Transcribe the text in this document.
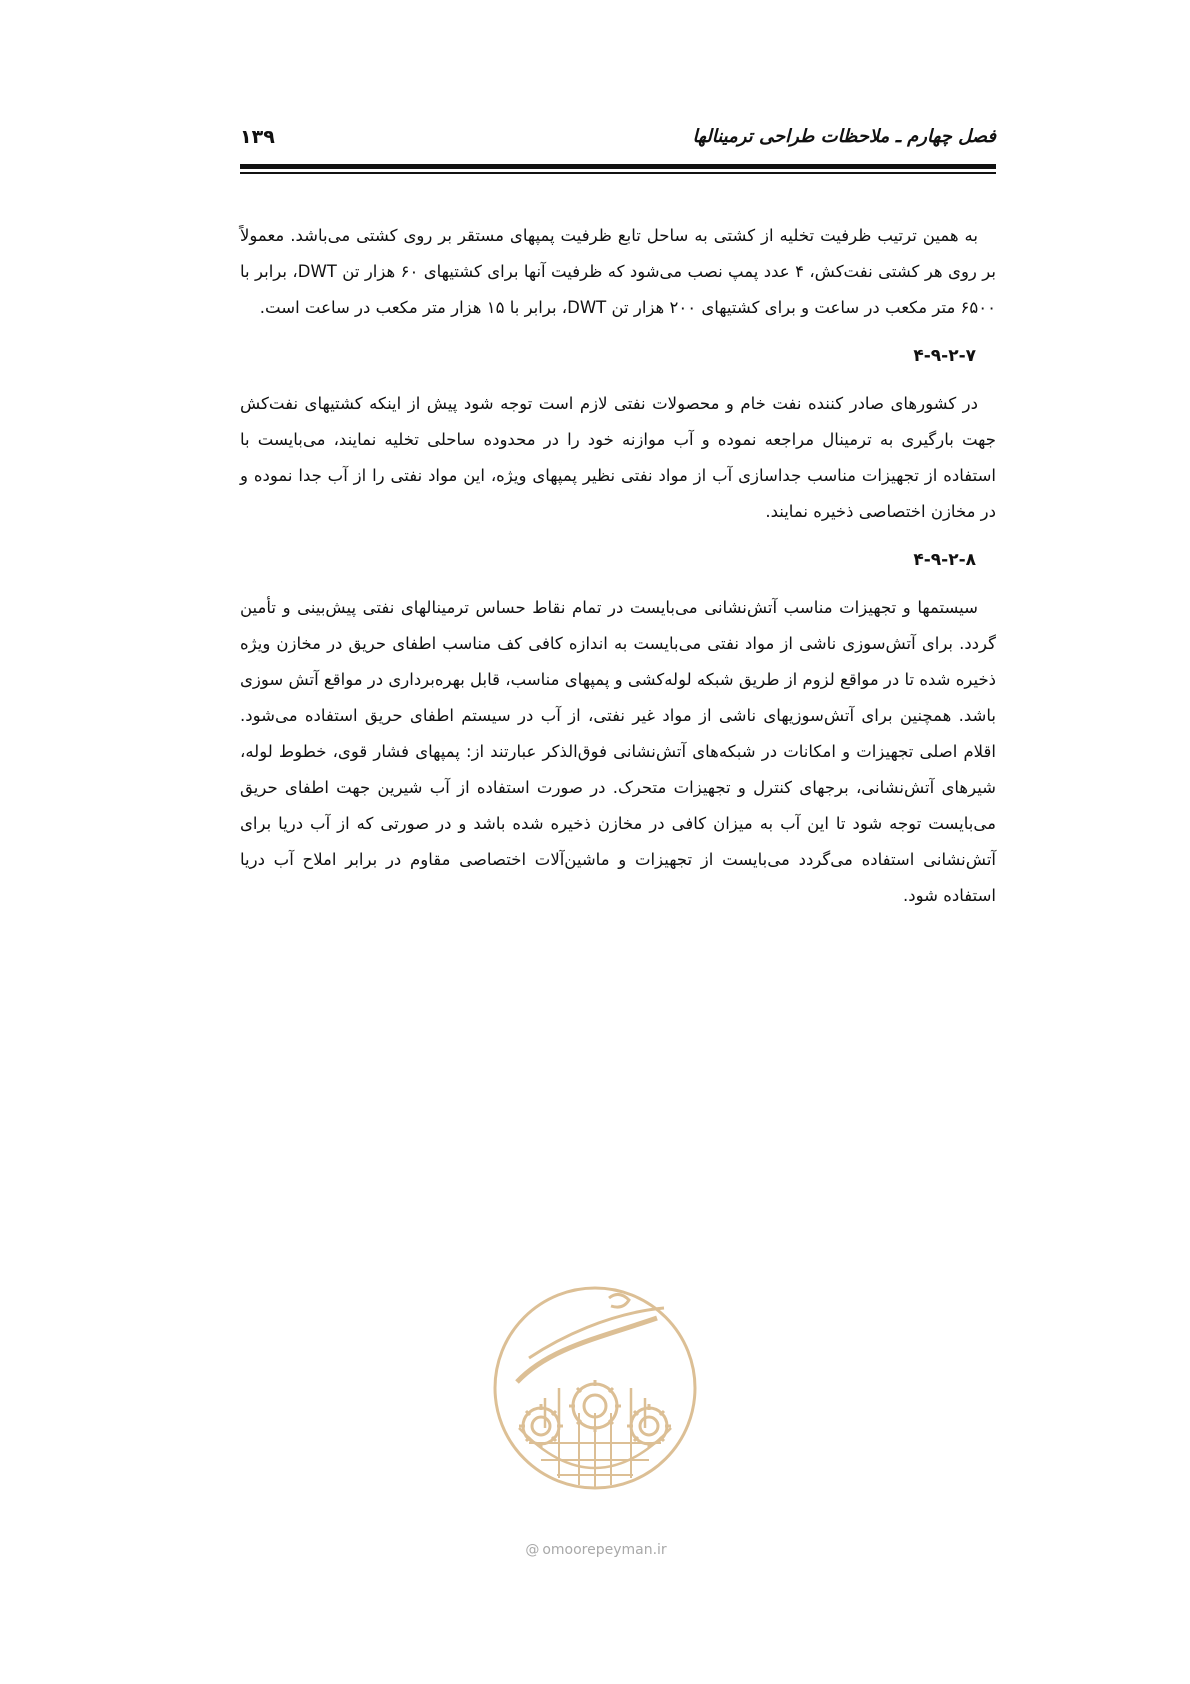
فصل چهارم ـ ملاحظات طراحی ترمینالها
۱۳۹

به همین ترتیب ظرفیت تخلیه از کشتی به ساحل تابع ظرفیت پمپهای مستقر بر روی کشتی می‌باشد. معمولاً بر روی هر کشتی نفت‌کش، ۴ عدد پمپ نصب می‌شود که ظرفیت آنها برای کشتیهای ۶۰ هزار تن DWT، برابر با ۶۵۰۰ متر مکعب در ساعت و برای کشتیهای ۲۰۰ هزار تن DWT، برابر با ۱۵ هزار متر مکعب در ساعت است.

۴-۹-۲-۷

در کشورهای صادر کننده نفت خام و محصولات نفتی لازم است توجه شود پیش از اینکه کشتیهای نفت‌کش جهت بارگیری به ترمینال مراجعه نموده و آب موازنه خود را در محدوده ساحلی تخلیه نمایند، می‌بایست با استفاده از تجهیزات مناسب جداسازی آب از مواد نفتی نظیر پمپهای ویژه، این مواد نفتی را از آب جدا نموده و در مخازن اختصاصی ذخیره نمایند.

۴-۹-۲-۸

سیستمها و تجهیزات مناسب آتش‌نشانی می‌بایست در تمام نقاط حساس ترمینالهای نفتی پیش‌بینی و تأمین گردد. برای آتش‌سوزی ناشی از مواد نفتی می‌بایست به اندازه کافی کف مناسب اطفای حریق در مخازن ویژه ذخیره شده تا در مواقع لزوم از طریق شبکه لوله‌کشی و پمپهای مناسب، قابل بهره‌برداری در مواقع آتش سوزی باشد. همچنین برای آتش‌سوزیهای ناشی از مواد غیر نفتی، از آب در سیستم اطفای حریق استفاده می‌شود. اقلام اصلی تجهیزات و امکانات در شبکه‌های آتش‌نشانی فوق‌الذکر عبارتند از: پمپهای فشار قوی، خطوط لوله، شیرهای آتش‌نشانی، برجهای کنترل و تجهیزات متحرک. در صورت استفاده از آب شیرین جهت اطفای حریق می‌بایست توجه شود تا این آب به میزان کافی در مخازن ذخیره شده باشد و در صورتی که از آب دریا برای آتش‌نشانی استفاده می‌گردد می‌بایست از تجهیزات و ماشین‌آلات اختصاصی مقاوم در برابر املاح آب دریا استفاده شود.

@ omoorepeyman.ir
